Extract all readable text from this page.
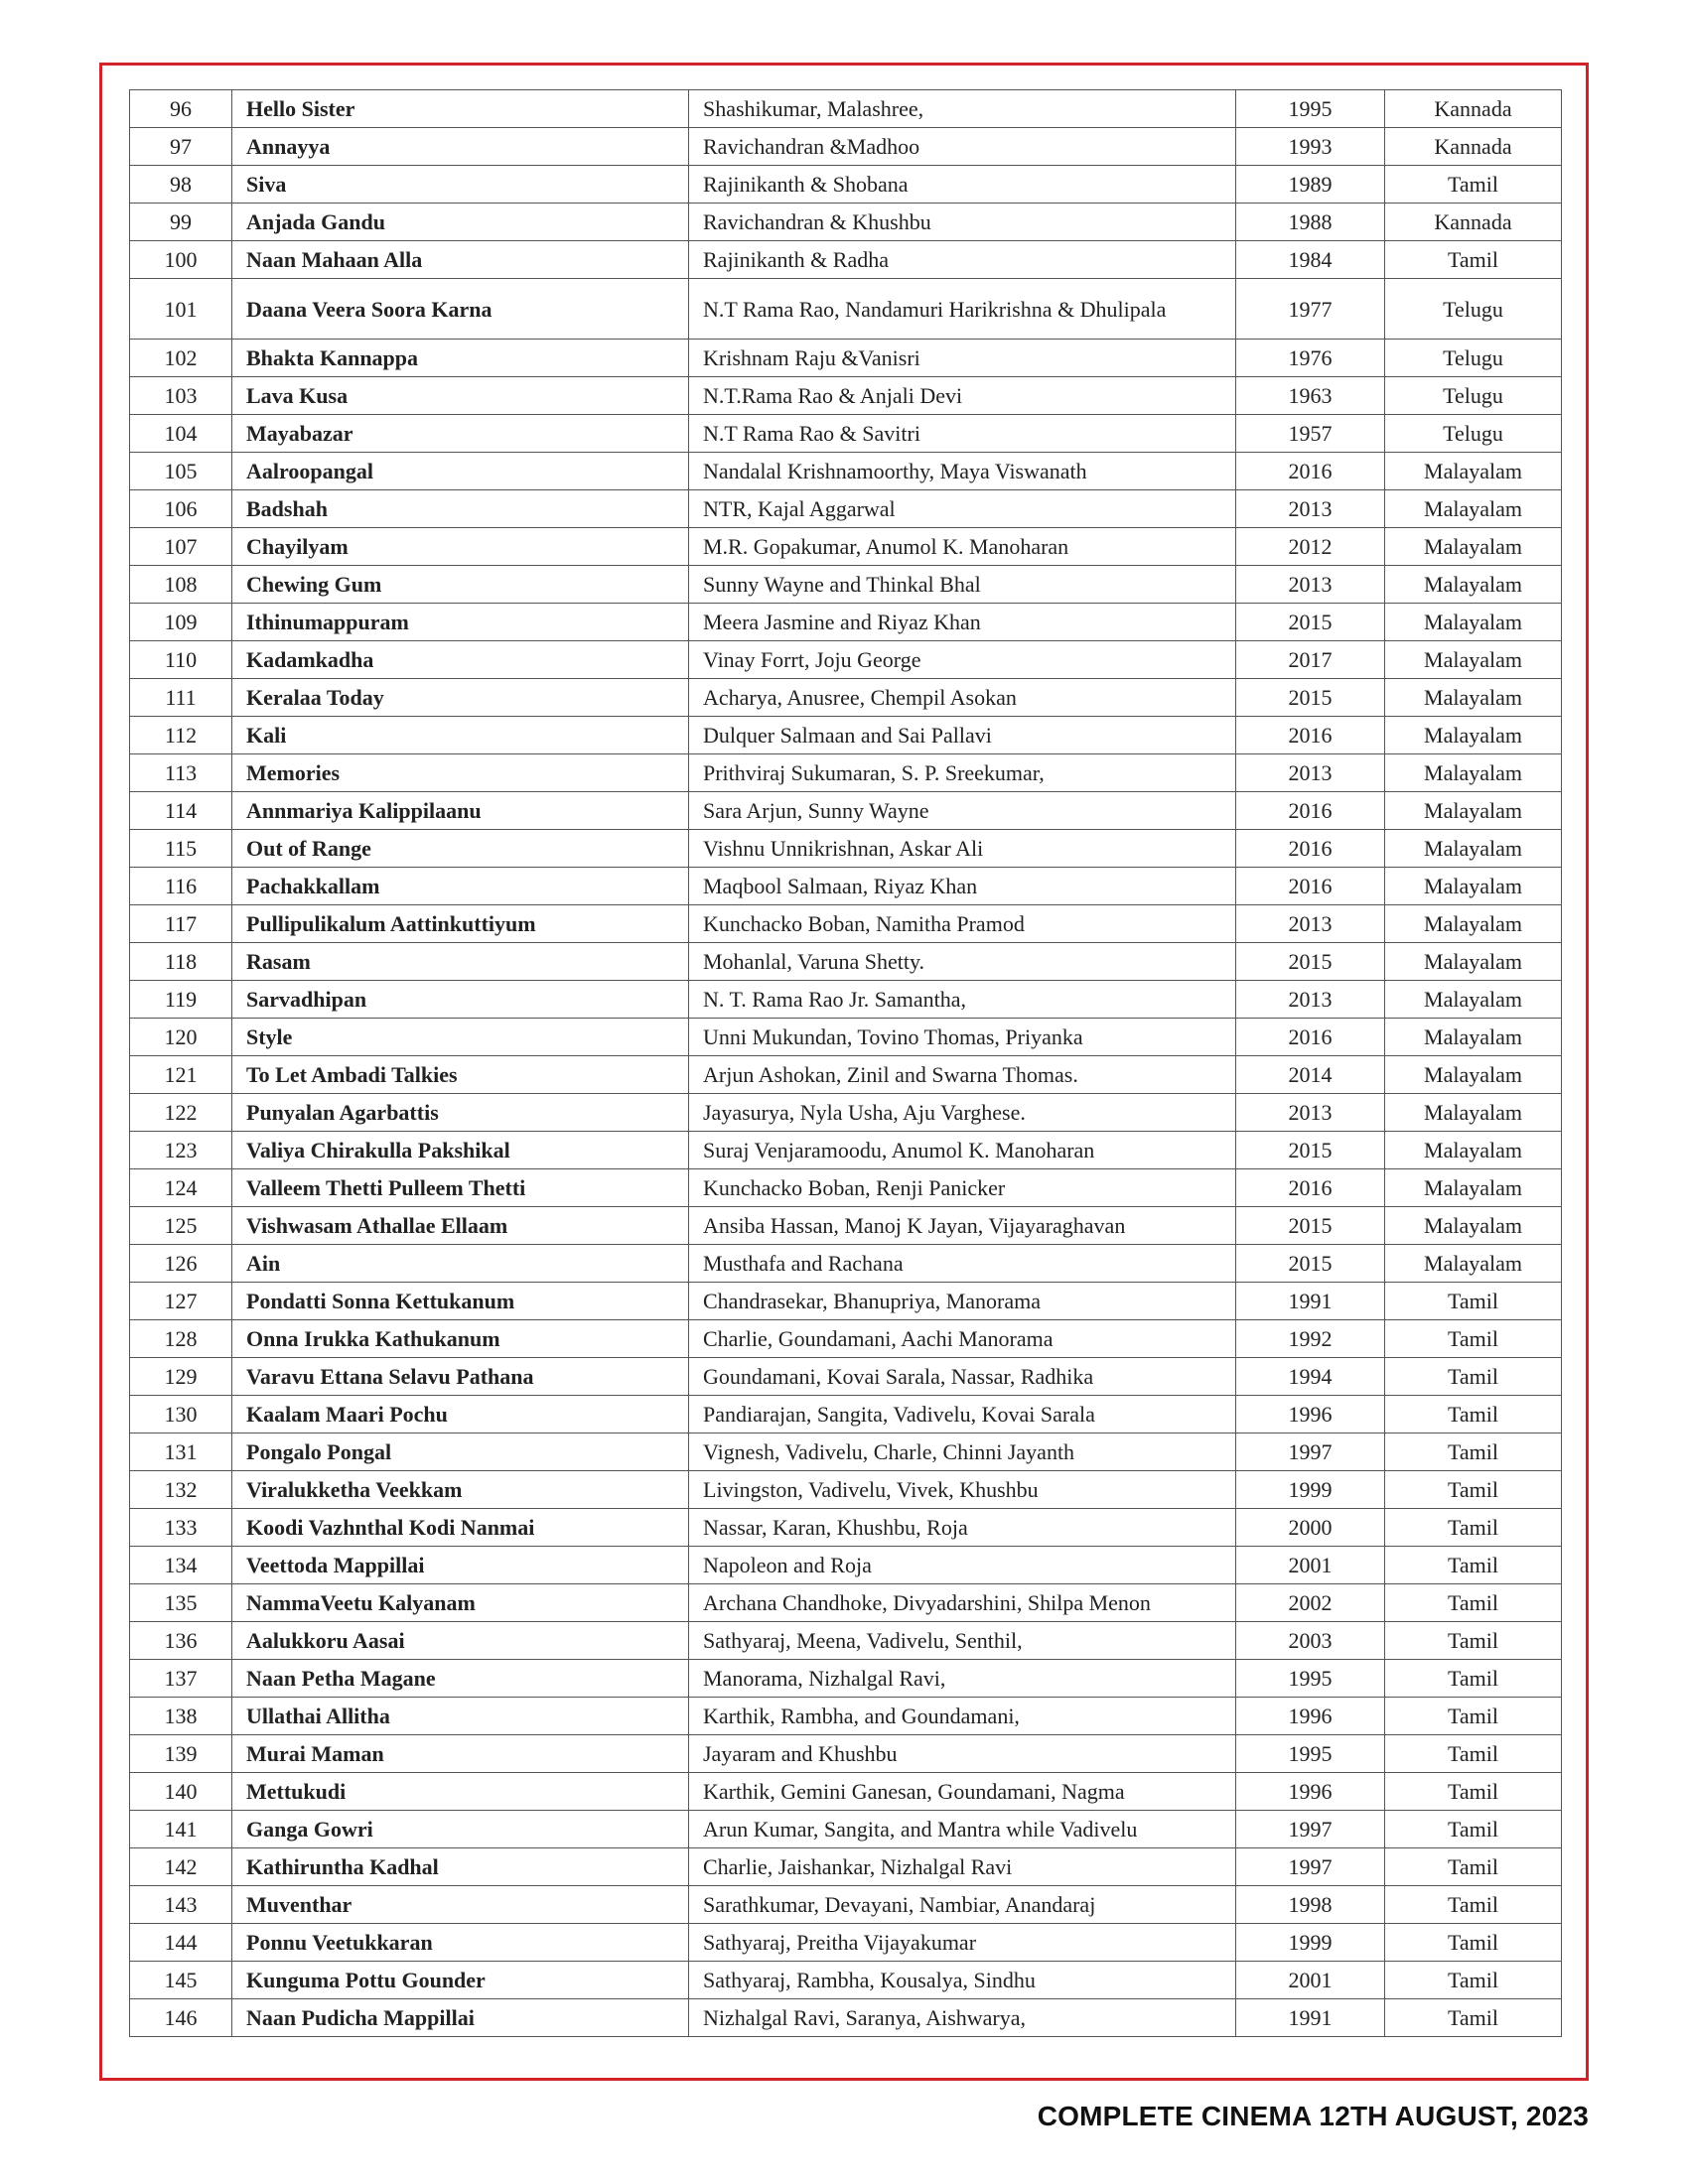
96	Hello Sister	Shashikumar, Malashree,	1995	Kannada
97	Annayya	Ravichandran &Madhoo	1993	Kannada
98	Siva	Rajinikanth & Shobana	1989	Tamil
99	Anjada Gandu	Ravichandran & Khushbu	1988	Kannada
100	Naan Mahaan Alla	Rajinikanth & Radha	1984	Tamil
101	Daana Veera Soora Karna	N.T Rama Rao, Nandamuri Harikrishna & Dhulipala	1977	Telugu
102	Bhakta Kannappa	Krishnam Raju &Vanisri	1976	Telugu
103	Lava Kusa	N.T.Rama Rao & Anjali Devi	1963	Telugu
104	Mayabazar	N.T Rama Rao & Savitri	1957	Telugu
105	Aalroopangal	Nandalal Krishnamoorthy, Maya Viswanath	2016	Malayalam
106	Badshah	NTR, Kajal Aggarwal	2013	Malayalam
107	Chayilyam	M.R. Gopakumar, Anumol K. Manoharan	2012	Malayalam
108	Chewing Gum	Sunny Wayne and Thinkal Bhal	2013	Malayalam
109	Ithinumappuram	Meera Jasmine and Riyaz Khan	2015	Malayalam
110	Kadamkadha	Vinay Forrt, Joju George	2017	Malayalam
111	Keralaa Today	Acharya, Anusree, Chempil Asokan	2015	Malayalam
112	Kali	Dulquer Salmaan and Sai Pallavi	2016	Malayalam
113	Memories	Prithviraj Sukumaran, S. P. Sreekumar,	2013	Malayalam
114	Annmariya Kalippilaanu	Sara Arjun, Sunny Wayne	2016	Malayalam
115	Out of Range	Vishnu Unnikrishnan, Askar Ali	2016	Malayalam
116	Pachakkallam	Maqbool Salmaan, Riyaz Khan	2016	Malayalam
117	Pullipulikalum Aattinkuttiyum	Kunchacko Boban, Namitha Pramod	2013	Malayalam
118	Rasam	Mohanlal, Varuna Shetty.	2015	Malayalam
119	Sarvadhipan	N. T. Rama Rao Jr. Samantha,	2013	Malayalam
120	Style	Unni Mukundan, Tovino Thomas, Priyanka	2016	Malayalam
121	To Let Ambadi Talkies	Arjun Ashokan, Zinil and Swarna Thomas.	2014	Malayalam
122	Punyalan Agarbattis	Jayasurya, Nyla Usha, Aju Varghese.	2013	Malayalam
123	Valiya Chirakulla Pakshikal	Suraj Venjaramoodu, Anumol K. Manoharan	2015	Malayalam
124	Valleem Thetti Pulleem Thetti	Kunchacko Boban, Renji Panicker	2016	Malayalam
125	Vishwasam Athallae Ellaam	Ansiba Hassan, Manoj K Jayan, Vijayaraghavan	2015	Malayalam
126	Ain	Musthafa and Rachana	2015	Malayalam
127	Pondatti Sonna Kettukanum	Chandrasekar, Bhanupriya, Manorama	1991	Tamil
128	Onna Irukka Kathukanum	Charlie, Goundamani, Aachi Manorama	1992	Tamil
129	Varavu Ettana Selavu Pathana	Goundamani, Kovai Sarala, Nassar, Radhika	1994	Tamil
130	Kaalam Maari Pochu	Pandiarajan, Sangita, Vadivelu, Kovai Sarala	1996	Tamil
131	Pongalo Pongal	Vignesh, Vadivelu, Charle, Chinni Jayanth	1997	Tamil
132	Viralukketha Veekkam	Livingston, Vadivelu, Vivek, Khushbu	1999	Tamil
133	Koodi Vazhnthal Kodi Nanmai	Nassar, Karan, Khushbu, Roja	2000	Tamil
134	Veettoda Mappillai	Napoleon and Roja	2001	Tamil
135	NammaVeetu Kalyanam	Archana Chandhoke, Divyadarshini, Shilpa Menon	2002	Tamil
136	Aalukkoru Aasai	Sathyaraj, Meena, Vadivelu, Senthil,	2003	Tamil
137	Naan Petha Magane	Manorama, Nizhalgal Ravi,	1995	Tamil
138	Ullathai Allitha	Karthik, Rambha, and Goundamani,	1996	Tamil
139	Murai Maman	Jayaram and Khushbu	1995	Tamil
140	Mettukudi	Karthik, Gemini Ganesan, Goundamani, Nagma	1996	Tamil
141	Ganga Gowri	Arun Kumar, Sangita, and Mantra while Vadivelu	1997	Tamil
142	Kathiruntha Kadhal	Charlie, Jaishankar, Nizhalgal Ravi	1997	Tamil
143	Muventhar	Sarathkumar, Devayani, Nambiar, Anandaraj	1998	Tamil
144	Ponnu Veetukkaran	Sathyaraj, Preitha Vijayakumar	1999	Tamil
145	Kunguma Pottu Gounder	Sathyaraj, Rambha, Kousalya, Sindhu	2001	Tamil
146	Naan Pudicha Mappillai	Nizhalgal Ravi, Saranya, Aishwarya,	1991	Tamil
COMPLETE CINEMA 12TH AUGUST, 2023
